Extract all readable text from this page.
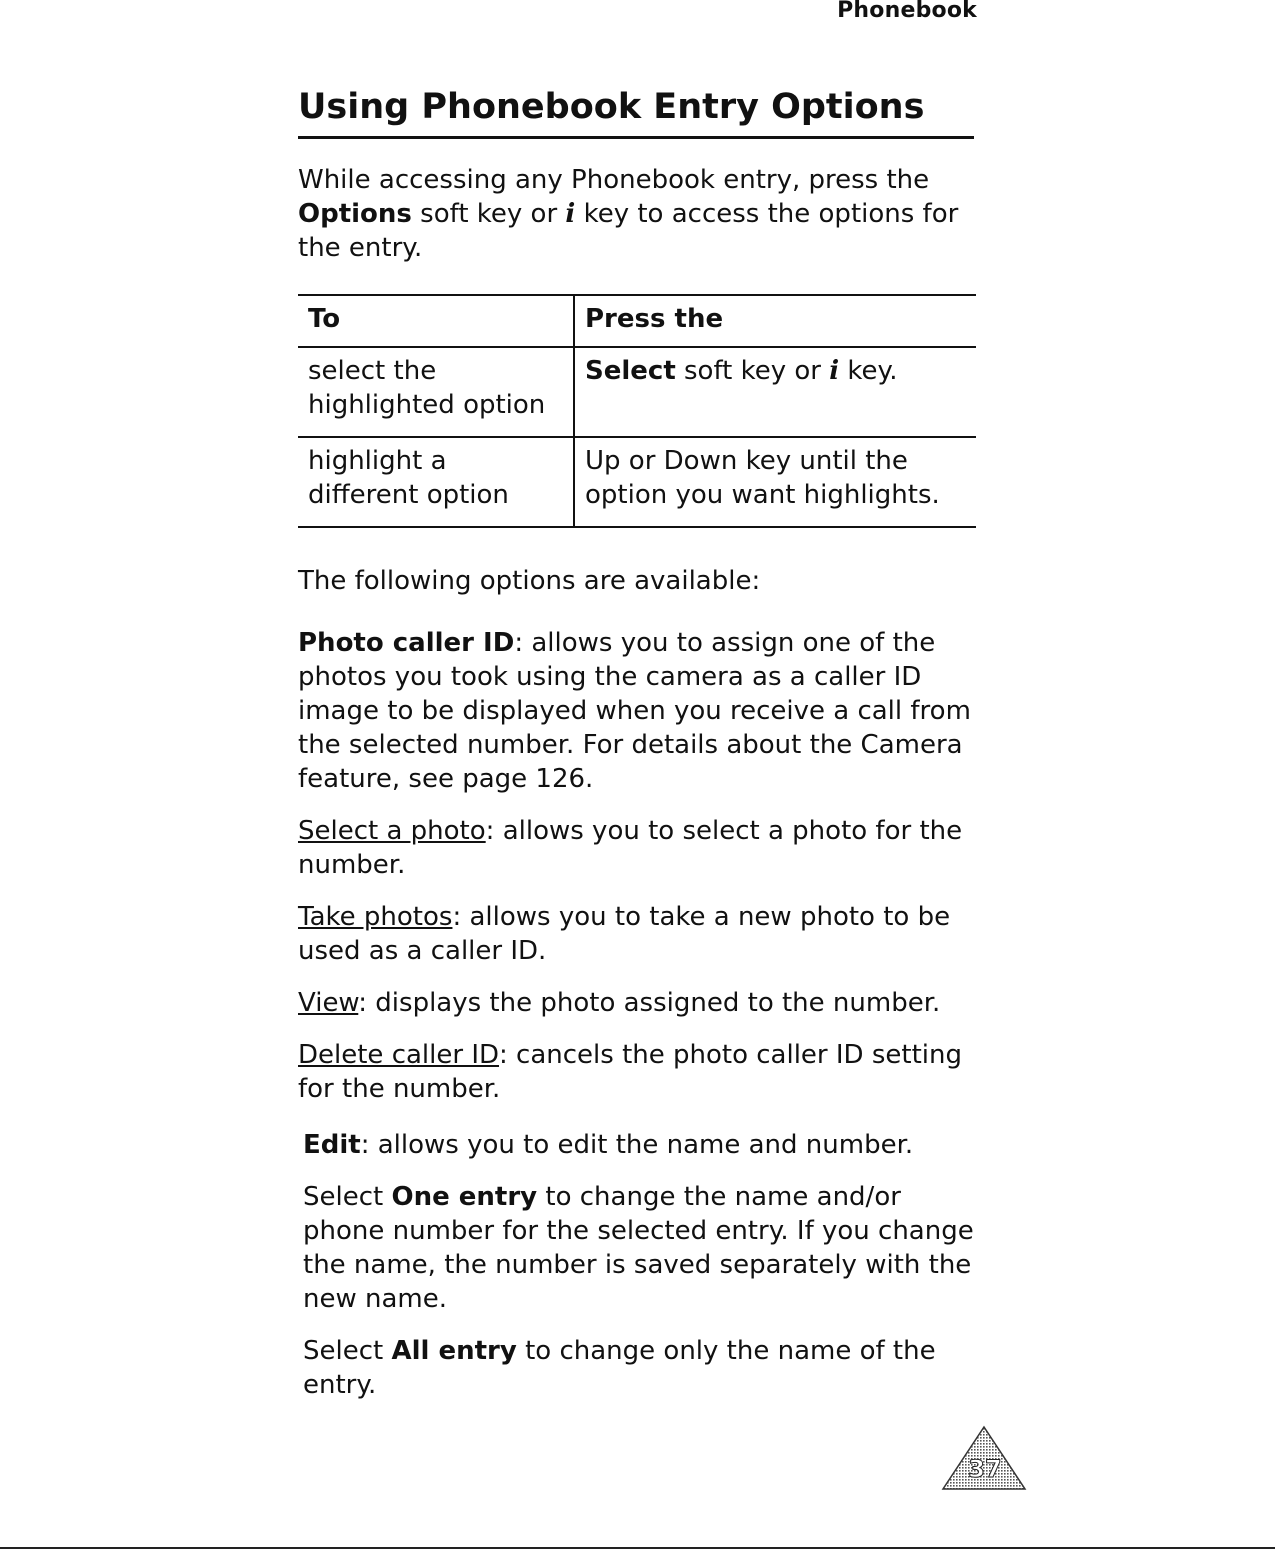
Phonebook
Using Phonebook Entry Options

While accessing any Phonebook entry, press the Options soft key or i key to access the options for the entry.

To	Press the
select the highlighted option	Select soft key or i key.
highlight a different option	Up or Down key until the option you want highlights.

The following options are available:

Photo caller ID: allows you to assign one of the photos you took using the camera as a caller ID image to be displayed when you receive a call from the selected number. For details about the Camera feature, see page 126.

Select a photo: allows you to select a photo for the number.

Take photos: allows you to take a new photo to be used as a caller ID.

View: displays the photo assigned to the number.

Delete caller ID: cancels the photo caller ID setting for the number.

Edit: allows you to edit the name and number.

Select One entry to change the name and/or phone number for the selected entry. If you change the name, the number is saved separately with the new name.

Select All entry to change only the name of the entry.

37
